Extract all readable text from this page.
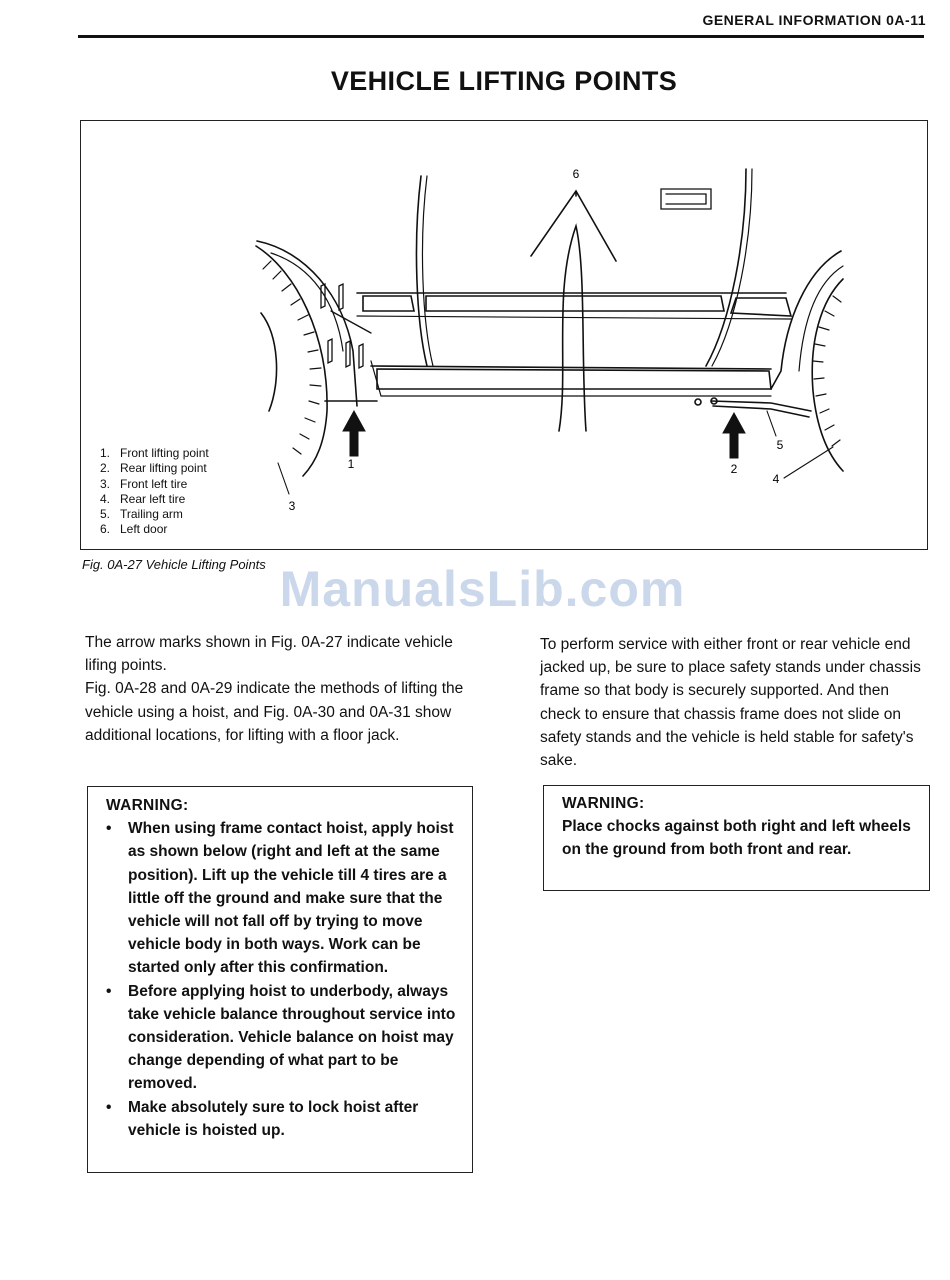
GENERAL INFORMATION 0A-11
VEHICLE LIFTING POINTS
1	2
3
4
5
6
1. Front lifting point
2. Rear lifting point
3. Front left tire
4. Rear left tire
5. Trailing arm
6. Left door
Fig. 0A-27 Vehicle Lifting Points ManualsLib.com

The arrow marks shown in Fig. 0A-27 indicate vehicle lifing points.

Fig. 0A-28 and 0A-29 indicate the methods of lifting the vehicle using a hoist, and Fig. 0A-30 and 0A-31 show additional locations, for lifting with a floor jack.

To perform service with either front or rear vehicle end jacked up, be sure to place safety stands under chassis frame so that body is securely supported. And then check to ensure that chassis frame does not slide on safety stands and the vehicle is held stable for safety's sake.

WARNING:
• When using frame contact hoist, apply hoist as shown below (right and left at the same position). Lift up the vehicle till 4 tires are a little off the ground and make sure that the vehicle will not fall off by trying to move vehicle body in both ways. Work can be started only after this confirmation.
• Before applying hoist to underbody, always take vehicle balance throughout service into consideration. Vehicle balance on hoist may change depending of what part to be removed.
• Make absolutely sure to lock hoist after vehicle is hoisted up.
WARNING:
Place chocks against both right and left wheels on the ground from both front and rear.
